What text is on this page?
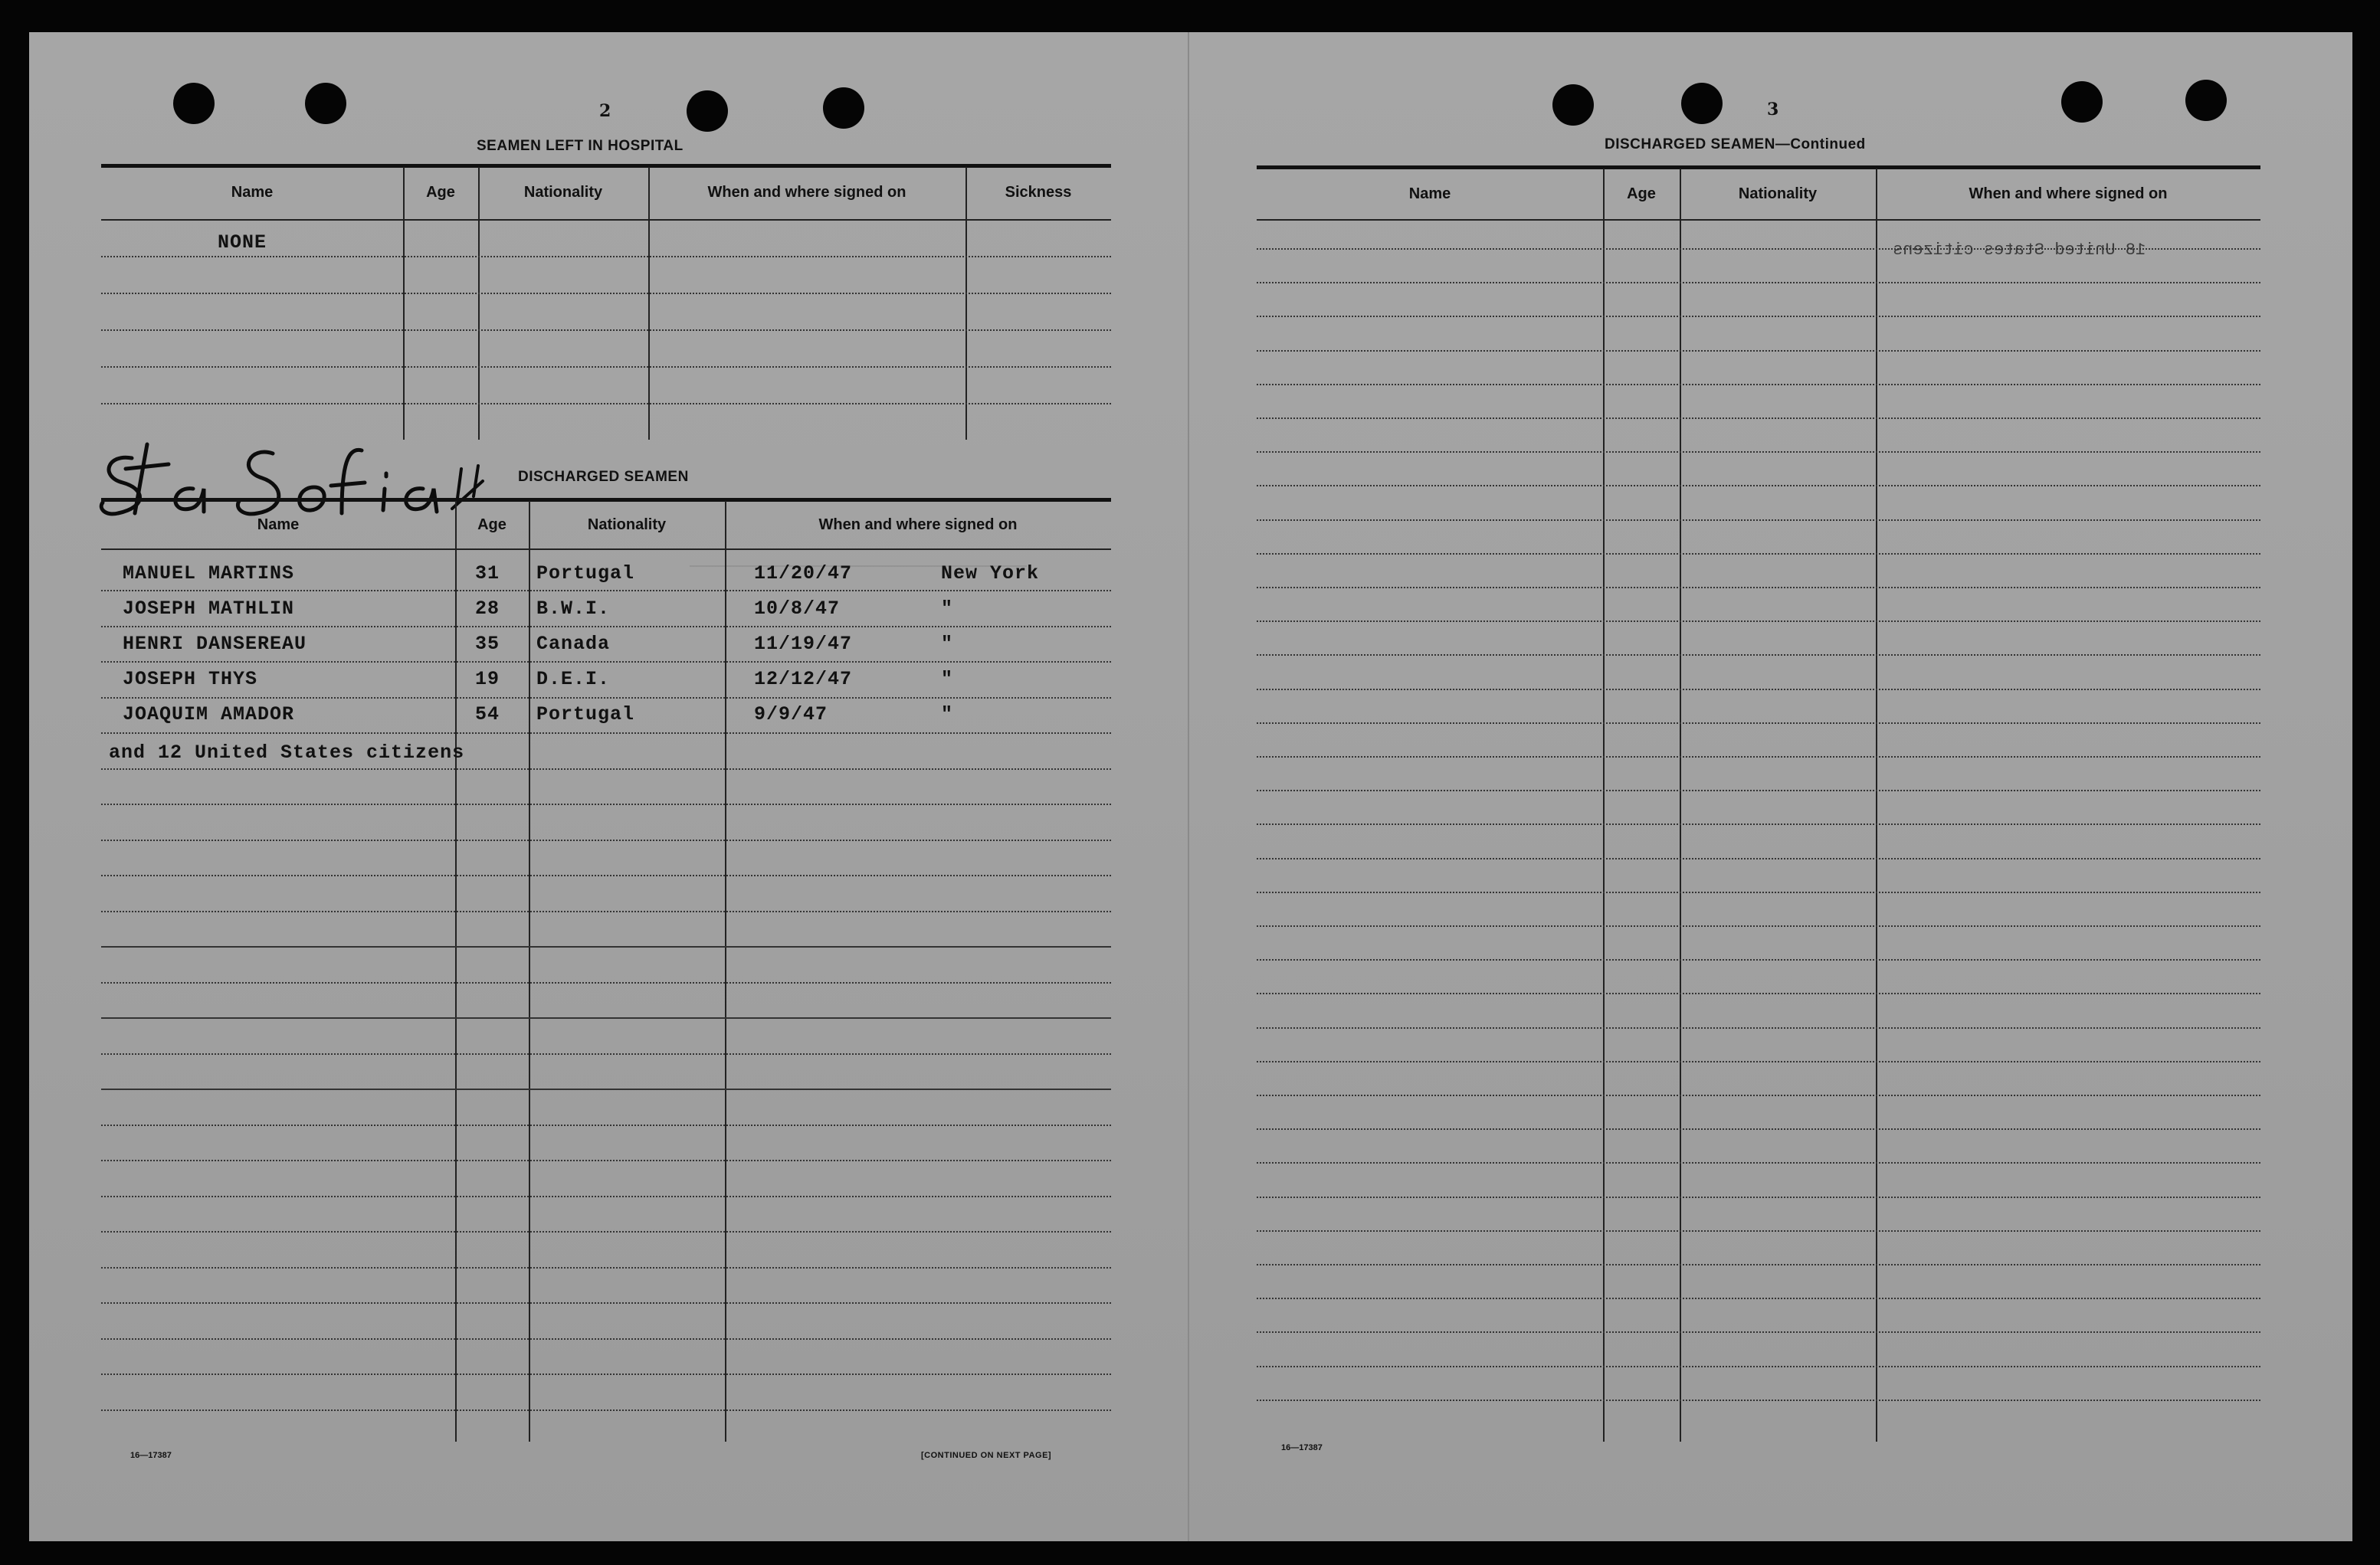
2
SEAMEN LEFT IN HOSPITAL
Name	Age	Nationality	When and where signed on	Sickness
NONE
DISCHARGED SEAMEN
Name	Age	Nationality	When and where signed on
MANUEL MARTINS	31 Portugal	11/20/47	New York
JOSEPH MATHLIN	28 B.W.I.	10/8/47	"
HENRI DANSEREAU	35 Canada	11/19/47	"
JOSEPH THYS	19 D.E.I.	12/12/47	"
JOAQUIM AMADOR	54 Portugal	9/9/47	"
and 12 United States citizens
16—17387	[CONTINUED ON NEXT PAGE]
3
DISCHARGED SEAMEN—Continued
Name	Age	Nationality	When and where signed on
18 United States citizens
16—17387
